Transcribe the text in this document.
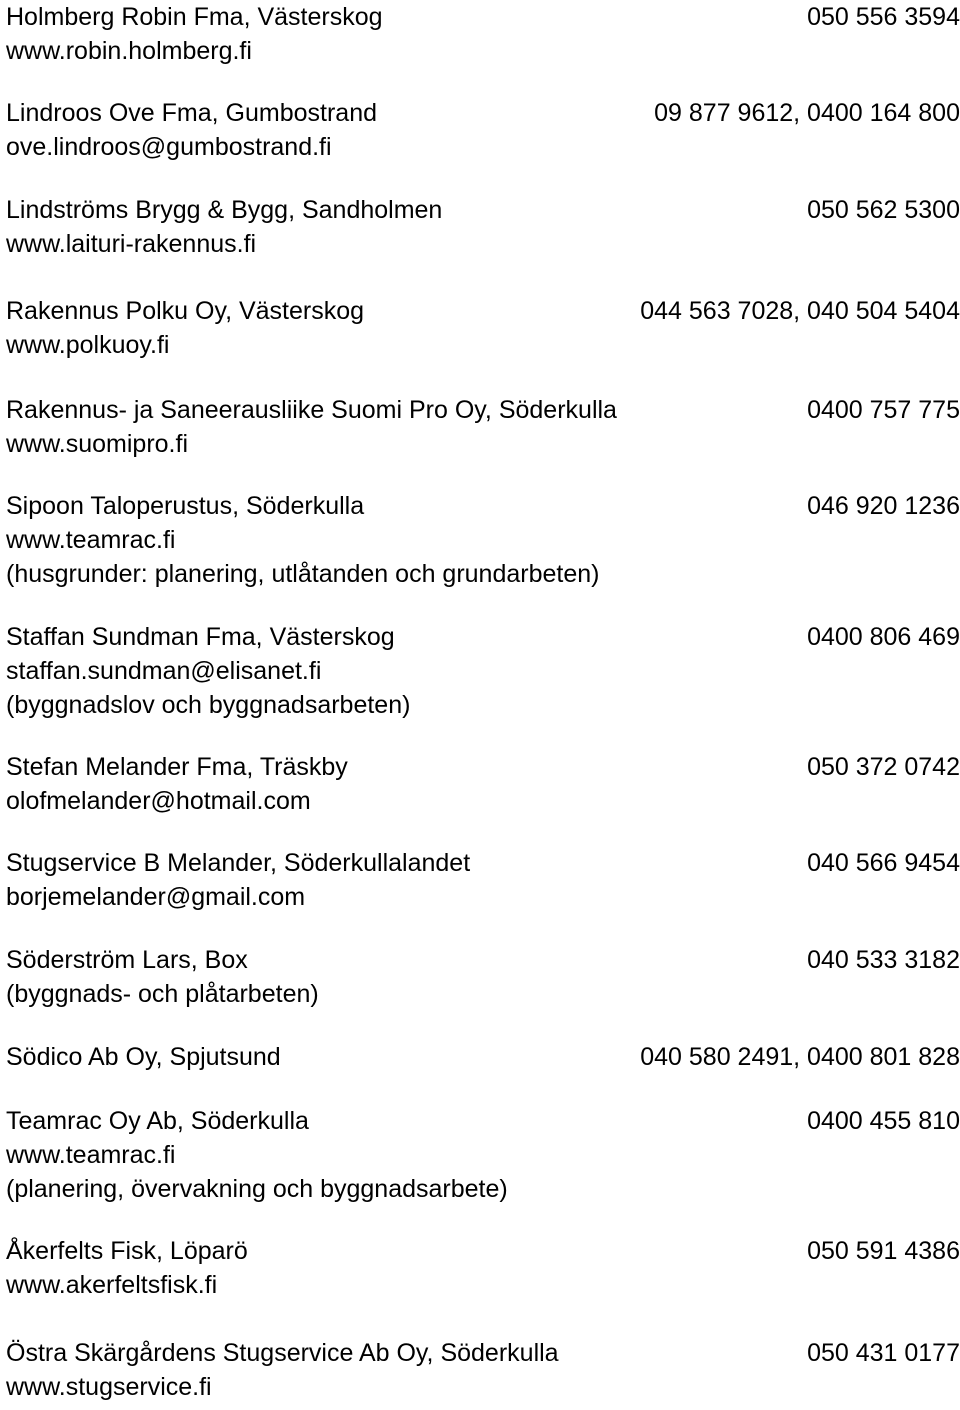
Holmberg Robin Fma, Västerskog	050 556 3594
www.robin.holmberg.fi
Lindroos Ove Fma, Gumbostrand	09 877 9612, 0400 164 800
ove.lindroos@gumbostrand.fi
Lindströms Brygg & Bygg, Sandholmen	050 562 5300
www.laituri-rakennus.fi
Rakennus Polku Oy, Västerskog	044 563 7028, 040 504 5404
www.polkuoy.fi
Rakennus- ja Saneerausliike Suomi Pro Oy, Söderkulla	0400 757 775
www.suomipro.fi
Sipoon Taloperustus, Söderkulla	046 920 1236
www.teamrac.fi
(husgrunder: planering, utlåtanden och grundarbeten)
Staffan Sundman Fma, Västerskog	0400 806 469
staffan.sundman@elisanet.fi
(byggnadslov och byggnadsarbeten)
Stefan Melander Fma, Träskby	050 372 0742
olofmelander@hotmail.com
Stugservice B Melander, Söderkullalandet	040 566 9454
borjemelander@gmail.com
Söderström Lars, Box	040 533 3182
(byggnads- och plåtarbeten)
Södico Ab Oy, Spjutsund	040 580 2491, 0400 801 828
Teamrac Oy Ab, Söderkulla	0400 455 810
www.teamrac.fi
(planering, övervakning och byggnadsarbete)
Åkerfelts Fisk, Löparö	050 591 4386
www.akerfeltsfisk.fi
Östra Skärgårdens Stugservice Ab Oy, Söderkulla	050 431 0177
www.stugservice.fi
